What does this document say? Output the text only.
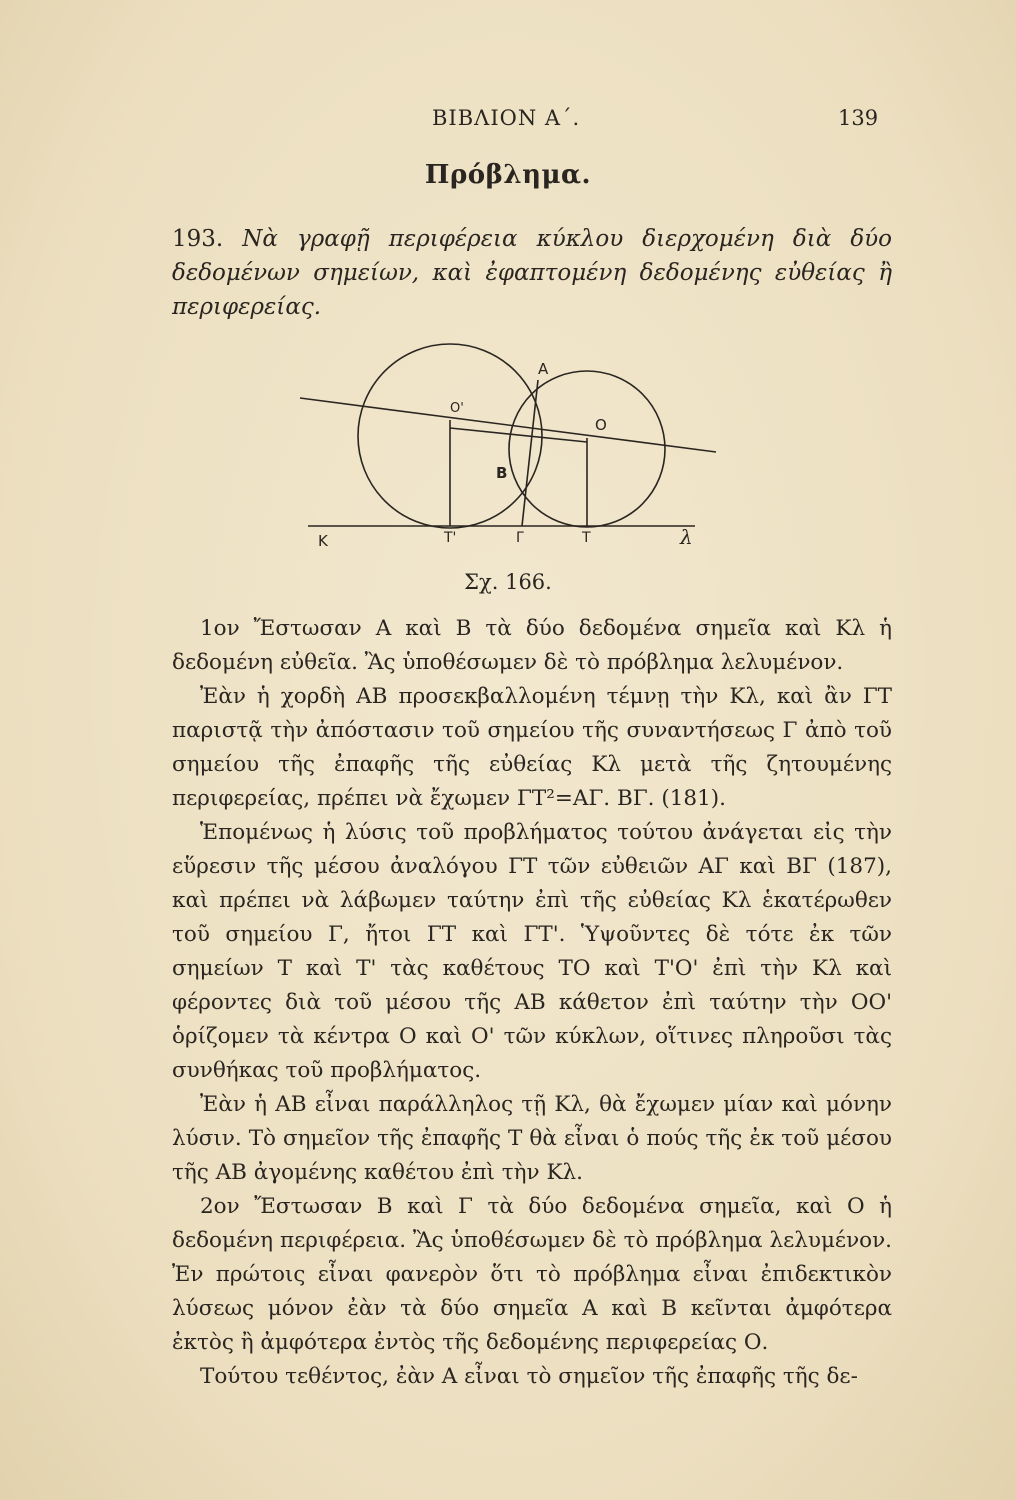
ΒΙΒΛΙΟΝ Α΄.	139
Πρόβλημα.
193. Νὰ γραφῇ περιφέρεια κύκλου διερχομένη διὰ δύο δεδομένων σημείων, καὶ ἐφαπτομένη δεδομένης εὐθείας ἢ περιφερείας.
Α
Β
Ο
Ο'
Κ	Τ'	Γ	Τ	λ
Σχ. 166.

1ον Ἔστωσαν Α καὶ Β τὰ δύο δεδομένα σημεῖα καὶ Κλ ἡ δεδομένη εὐθεῖα. Ἂς ὑποθέσωμεν δὲ τὸ πρόβλημα λελυμένον.

Ἐὰν ἡ χορδὴ ΑΒ προσεκβαλλομένη τέμνῃ τὴν Κλ, καὶ ἂν ΓΤ παριστᾷ τὴν ἀπόστασιν τοῦ σημείου τῆς συναντήσεως Γ ἀπὸ τοῦ σημείου τῆς ἐπαφῆς τῆς εὐθείας Κλ μετὰ τῆς ζητουμένης περιφερείας, πρέπει νὰ ἔχωμεν ΓΤ²=ΑΓ. ΒΓ. (181).

Ἑπομένως ἡ λύσις τοῦ προβλήματος τούτου ἀνάγεται εἰς τὴν εὕρεσιν τῆς μέσου ἀναλόγου ΓΤ τῶν εὐθειῶν ΑΓ καὶ ΒΓ (187), καὶ πρέπει νὰ λάβωμεν ταύτην ἐπὶ τῆς εὐθείας Κλ ἑκατέρωθεν τοῦ σημείου Γ, ἤτοι ΓΤ καὶ ΓΤ'. Ὑψοῦντες δὲ τότε ἐκ τῶν σημείων Τ καὶ Τ' τὰς καθέτους ΤΟ καὶ Τ'Ο' ἐπὶ τὴν Κλ καὶ φέροντες διὰ τοῦ μέσου τῆς ΑΒ κάθετον ἐπὶ ταύτην τὴν ΟΟ' ὁρίζομεν τὰ κέντρα Ο καὶ Ο' τῶν κύκλων, οἵτινες πληροῦσι τὰς συνθήκας τοῦ προβλήματος.

Ἐὰν ἡ ΑΒ εἶναι παράλληλος τῇ Κλ, θὰ ἔχωμεν μίαν καὶ μόνην λύσιν. Τὸ σημεῖον τῆς ἐπαφῆς Τ θὰ εἶναι ὁ πούς τῆς ἐκ τοῦ μέσου τῆς ΑΒ ἀγομένης καθέτου ἐπὶ τὴν Κλ.

2ον Ἔστωσαν Β καὶ Γ τὰ δύο δεδομένα σημεῖα, καὶ Ο ἡ δεδομένη περιφέρεια. Ἂς ὑποθέσωμεν δὲ τὸ πρόβλημα λελυμένον. Ἐν πρώτοις εἶναι φανερὸν ὅτι τὸ πρόβλημα εἶναι ἐπιδεκτικὸν λύσεως μόνον ἐὰν τὰ δύο σημεῖα Α καὶ Β κεῖνται ἀμφότερα ἐκτὸς ἢ ἀμφότερα ἐντὸς τῆς δεδομένης περιφερείας Ο.

Τούτου τεθέντος, ἐὰν Α εἶναι τὸ σημεῖον τῆς ἐπαφῆς τῆς δε-
